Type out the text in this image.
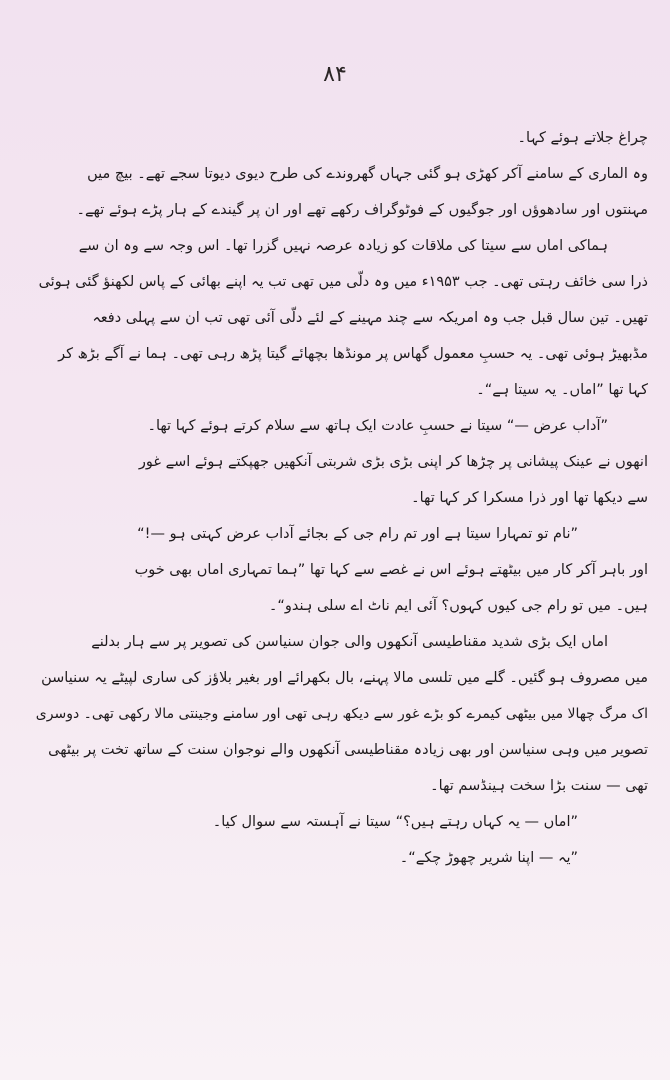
۸۴
چراغ جلاتے ہوئے کہا۔
وہ الماری کے سامنے آکر کھڑی ہو گئی جہاں گھروندے کی طرح دیوی دیوتا سجے تھے۔ بیچ میں
مہنتوں اور سادھوؤں اور جوگیوں کے فوٹوگراف رکھے تھے اور ان پر گیندے کے ہار پڑے ہوئے تھے۔
ہماکی اماں سے سیتا کی ملاقات کو زیادہ عرصہ نہیں گزرا تھا۔ اس وجہ سے وہ ان سے
ذرا سی خائف رہتی تھی۔ جب ۱۹۵۳ء میں وہ دلّی میں تھی تب یہ اپنے بھائی کے پاس لکھنؤ گئی ہوئی
تھیں۔ تین سال قبل جب وہ امریکہ سے چند مہینے کے لئے دلّی آئی تھی تب ان سے پہلی دفعہ
مڈبھیڑ ہوئی تھی۔ یہ حسبِ معمول گھاس پر مونڈھا بچھائے گیتا پڑھ رہی تھی۔ ہما نے آگے بڑھ کر
کہا تھا ”اماں۔ یہ سیتا ہے“۔
”آداب عرض —“ سیتا نے حسبِ عادت ایک ہاتھ سے سلام کرتے ہوئے کہا تھا۔
انھوں نے عینک پیشانی پر چڑھا کر اپنی بڑی بڑی شربتی آنکھیں جھپکتے ہوئے اسے غور
سے دیکھا تھا اور ذرا مسکرا کر کہا تھا۔
”نام تو تمہارا سیتا ہے اور تم رام جی کے بجائے آداب عرض کہتی ہو —!“
اور باہر آکر کار میں بیٹھتے ہوئے اس نے غصے سے کہا تھا ”ہما تمہاری اماں بھی خوب
ہیں۔ میں تو رام جی کیوں کہوں؟ آئی ایم ناٹ اے سلی ہندو“۔
اماں ایک بڑی شدید مقناطیسی آنکھوں والی جوان سنیاسن کی تصویر پر سے ہار بدلنے
میں مصروف ہو گئیں۔ گلے میں تلسی مالا پہنے، بال بکھرائے اور بغیر بلاؤز کی ساری لپیٹے یہ سنیاسن
اک مرگ چھالا میں بیٹھی کیمرے کو بڑے غور سے دیکھ رہی تھی اور سامنے وجینتی مالا رکھی تھی۔ دوسری
تصویر میں وہی سنیاسن اور بھی زیادہ مقناطیسی آنکھوں والے نوجوان سنت کے ساتھ تخت پر بیٹھی
تھی — سنت بڑا سخت ہینڈسم تھا۔
”اماں — یہ کہاں رہتے ہیں؟“ سیتا نے آہستہ سے سوال کیا۔
”یہ — اپنا شریر چھوڑ چکے“۔
